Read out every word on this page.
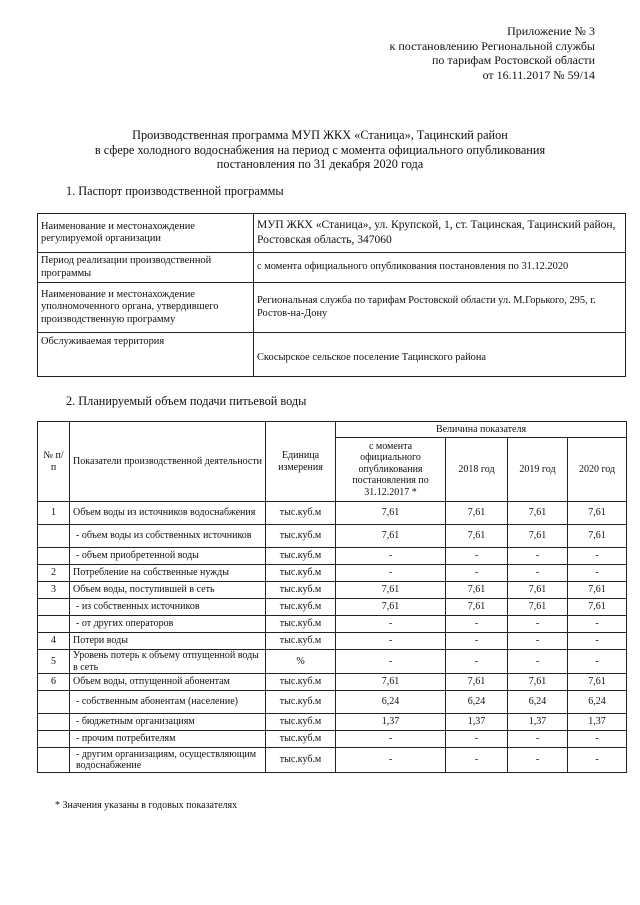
Приложение № 3
к постановлению Региональной службы
по тарифам Ростовской области
от 16.11.2017 № 59/14
Производственная программа МУП ЖКХ «Станица», Тацинский район
в сфере холодного водоснабжения на период с момента официального опубликования
постановления по 31 декабря 2020 года
1. Паспорт производственной программы
Наименование и местонахождение регулируемой организации	МУП ЖКХ «Станица», ул. Крупской, 1, ст. Тацинская, Тацинский район, Ростовская область, 347060
Период реализации производственной программы	с момента официального опубликования постановления по 31.12.2020
Наименование и местонахождение уполномоченного органа, утвердившего производственную программу	Региональная служба по тарифам Ростовской области ул. М.Горького, 295, г. Ростов-на-Дону
Обслуживаемая территория	Скосырское сельское поселение Тацинского района
2. Планируемый объем подачи питьевой воды
№ п/п	Показатели производственной деятельности	Единица измерения	Величина показателя			
			с момента официального опубликования постановления по 31.12.2017 *	2018 год	2019 год	2020 год
1	Объем воды из источников водоснабжения	тыс.куб.м	7,61	7,61	7,61	7,61
	- объем воды из собственных источников	тыс.куб.м	7,61	7,61	7,61	7,61
	- объем приобретенной воды	тыс.куб.м	-	-	-	-
2	Потребление на собственные нужды	тыс.куб.м	-	-	-	-
3	Объем воды, поступившей в сеть	тыс.куб.м	7,61	7,61	7,61	7,61
	- из собственных источников	тыс.куб.м	7,61	7,61	7,61	7,61
	- от других операторов	тыс.куб.м	-	-	-	-
4	Потери воды	тыс.куб.м	-	-	-	-
5	Уровень потерь к объему отпущенной воды в сеть	%	-	-	-	-
6	Объем воды, отпущенной абонентам	тыс.куб.м	7,61	7,61	7,61	7,61
	- собственным абонентам (население)	тыс.куб.м	6,24	6,24	6,24	6,24
	- бюджетным организациям	тыс.куб.м	1,37	1,37	1,37	1,37
	- прочим потребителям	тыс.куб.м	-	-	-	-
	- другим организациям, осуществляющим водоснабжение	тыс.куб.м	-	-	-	-
* Значения указаны в годовых показателях
